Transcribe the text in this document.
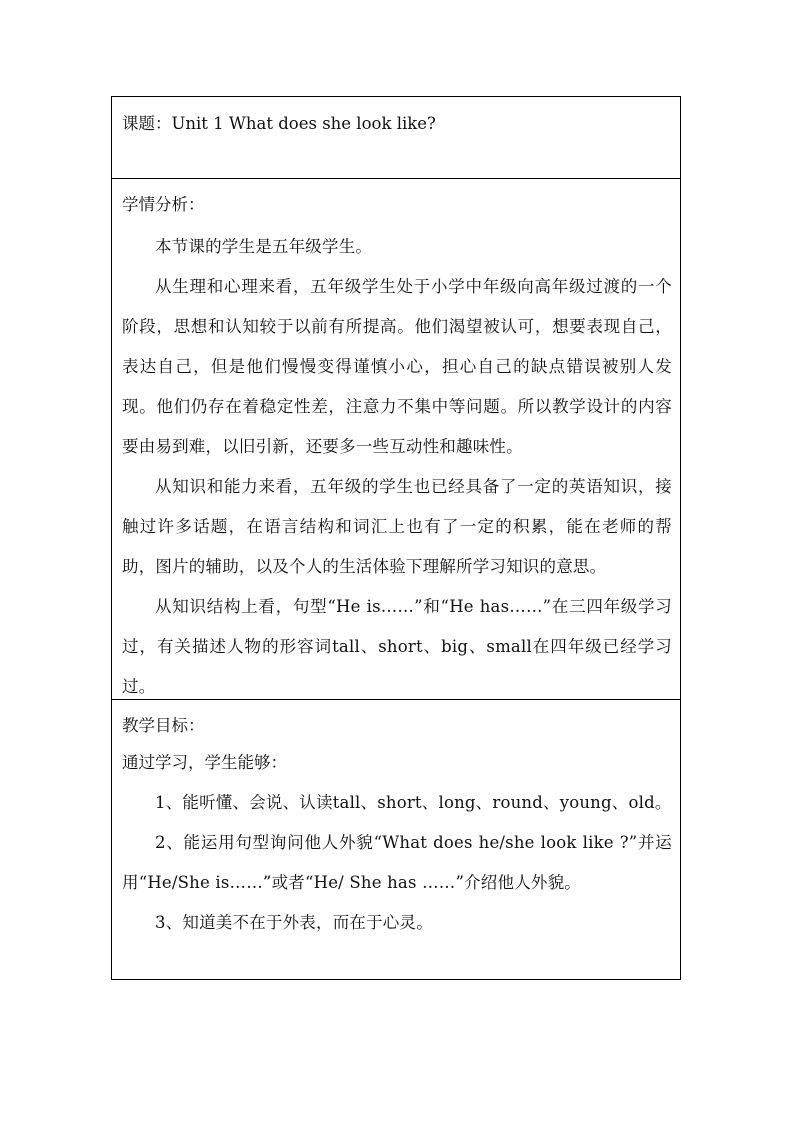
课题：Unit 1 What does she look like?
学情分析：

本节课的学生是五年级学生。

从生理和心理来看，五年级学生处于小学中年级向高年级过渡的一个阶段，思想和认知较于以前有所提高。他们渴望被认可，想要表现自己，表达自己，但是他们慢慢变得谨慎小心，担心自己的缺点错误被别人发现。他们仍存在着稳定性差，注意力不集中等问题。所以教学设计的内容要由易到难，以旧引新，还要多一些互动性和趣味性。

从知识和能力来看，五年级的学生也已经具备了一定的英语知识，接触过许多话题，在语言结构和词汇上也有了一定的积累，能在老师的帮助，图片的辅助，以及个人的生活体验下理解所学习知识的意思。

从知识结构上看，句型“He is……”和“He has……”在三四年级学习过，有关描述人物的形容词tall、short、big、small在四年级已经学习过。

教学目标：

通过学习，学生能够：

1、能听懂、会说、认读tall、short、long、round、young、old。

2、能运用句型询问他人外貌“What does he/she look like ?”并运用“He/She is……”或者“He/ She has ……”介绍他人外貌。

3、知道美不在于外表，而在于心灵。
